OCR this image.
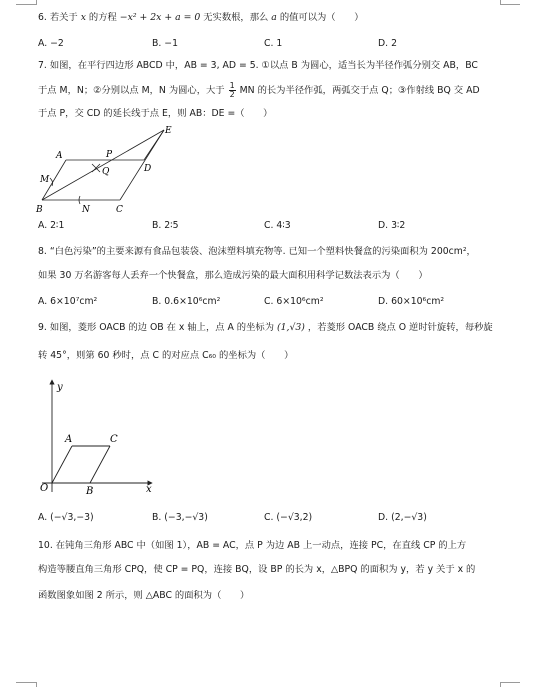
6. 若关于 x 的方程 −x² + 2x + a = 0 无实数根，那么 a 的值可以为（　　）
A. −2	B. −1	C. 1	D. 2
7. 如图，在平行四边形 ABCD 中，AB = 3, AD = 5. ①以点 B 为圆心，适当长为半径作弧分别交 AB，BC
于点 M，N；②分别以点 M，N 为圆心，大于 $\frac{1}{2}$ MN 的长为半径作弧，两弧交于点 Q；③作射线 BQ 交 AD
于点 P，交 CD 的延长线于点 E，则 AB：DE =（　　）
A	P
E
M
Q	D
B	N	C
A. 2∶1	B. 2∶5	C. 4∶3	D. 3∶2
8. “白色污染”的主要来源有食品包装袋、泡沫塑料填充物等. 已知一个塑料快餐盒的污染面积为 200cm²，
如果 30 万名游客每人丢弃一个快餐盒，那么造成污染的最大面积用科学记数法表示为（　　）
A. 6×10⁷cm²	B. 0.6×10⁶cm²	C. 6×10⁶cm²	D. 60×10⁶cm²
9. 如图，菱形 OACB 的边 OB 在 x 轴上，点 A 的坐标为 (1,√3) ，若菱形 OACB 绕点 O 逆时针旋转，每秒旋
转 45°，则第 60 秒时，点 C 的对应点 C₆₀ 的坐标为（　　）
y
x
O
A
B
C
A. (−√3,−3)	B. (−3,−√3)	C. (−√3,2)	D. (2,−√3)
10. 在钝角三角形 ABC 中（如图 1），AB = AC，点 P 为边 AB 上一动点，连接 PC，在直线 CP 的上方
构造等腰直角三角形 CPQ，使 CP = PQ，连接 BQ，设 BP 的长为 x，△BPQ 的面积为 y，若 y 关于 x 的
函数图象如图 2 所示，则 △ABC 的面积为（　　）
